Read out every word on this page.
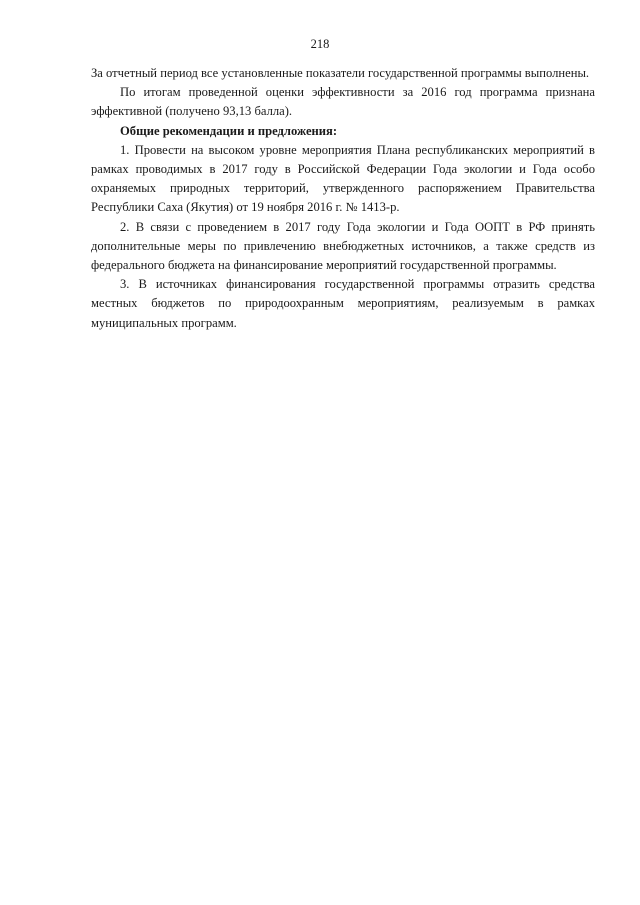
218

За отчетный период все установленные показатели государственной программы выполнены.

По итогам проведенной оценки эффективности за 2016 год программа признана эффективной (получено 93,13 балла).

Общие рекомендации и предложения:

1. Провести на высоком уровне мероприятия Плана республиканских мероприятий в рамках проводимых в 2017 году в Российской Федерации Года экологии и Года особо охраняемых природных территорий, утвержденного распоряжением Правительства Республики Саха (Якутия) от 19 ноября 2016 г. № 1413-р.

2. В связи с проведением в 2017 году Года экологии и Года ООПТ в РФ принять дополнительные меры по привлечению внебюджетных источников, а также средств из федерального бюджета на финансирование мероприятий государственной программы.

3. В источниках финансирования государственной программы отразить средства местных бюджетов по природоохранным мероприятиям, реализуемым в рамках муниципальных программ.
